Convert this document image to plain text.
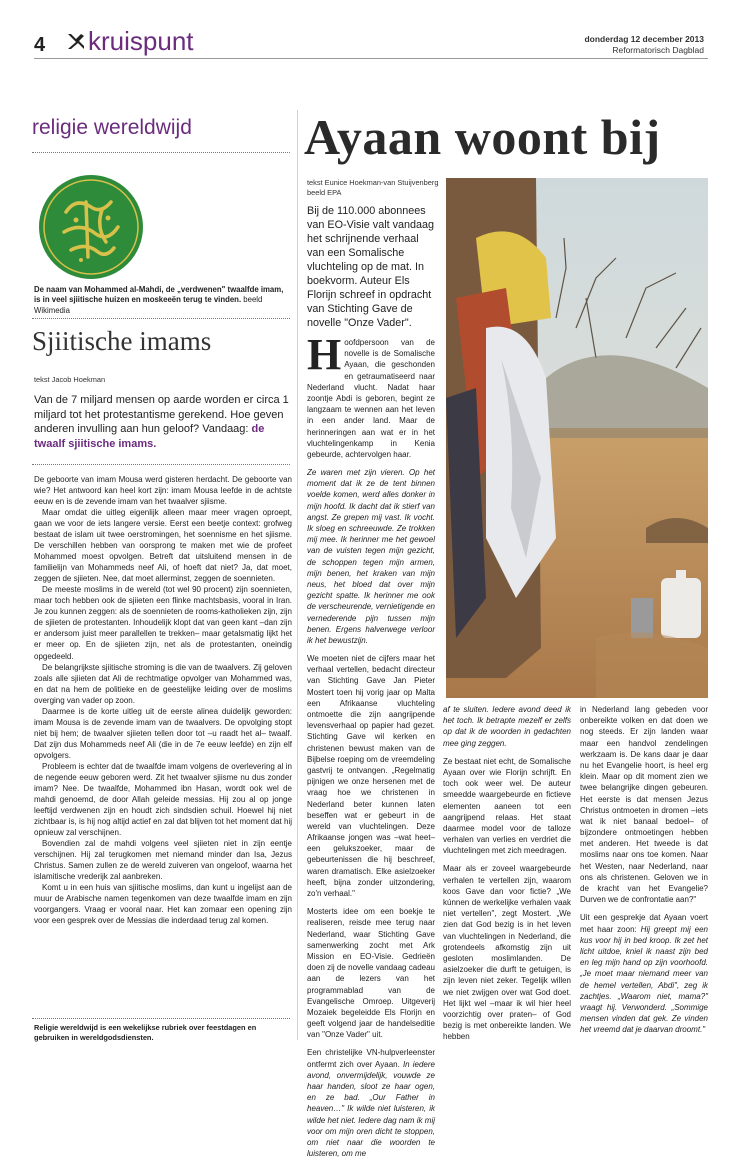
4 kruispunt	donderdag 12 december 2013
Reformatorisch Dagblad
religie wereldwijd
De naam van Mohammed al-Mahdi, de „verdwenen" twaalfde imam, is in veel sjiitische huizen en moskeeën terug te vinden. beeld Wikimedia
Sjiitische imams
tekst Jacob Hoekman
Van de 7 miljard mensen op aarde worden er circa 1 miljard tot het protestantisme gerekend. Hoe geven anderen invulling aan hun geloof? Vandaag: de twaalf sjiitische imams.

De geboorte van imam Mousa werd gisteren herdacht. De geboorte van wie? Het antwoord kan heel kort zijn: imam Mousa leefde in de achtste eeuw en is de zevende imam van het twaalver sjiisme.

Maar omdat die uitleg eigenlijk alleen maar meer vragen oproept, gaan we voor de iets langere versie. Eerst een beetje context: grofweg bestaat de islam uit twee oerstromingen, het soennisme en het sjiisme. De verschillen hebben van oorsprong te maken met wie de profeet Mohammed moest opvolgen. Betreft dat uitsluitend mensen in de familielijn van Mohammeds neef Ali, of hoeft dat niet? Ja, dat moet, zeggen de sjiieten. Nee, dat moet allerminst, zeggen de soennieten.

De meeste moslims in de wereld (tot wel 90 procent) zijn soennieten, maar toch hebben ook de sjiieten een flinke machtsbasis, vooral in Iran. Je zou kunnen zeggen: als de soennieten de rooms-katholieken zijn, zijn de sjiieten de protestanten. Inhoudelijk klopt dat van geen kant –dan zijn er andersom juist meer parallellen te trekken– maar getalsmatig lijkt het er meer op. En de sjiieten zijn, net als de protestanten, oneindig opgedeeld.

De belangrijkste sjiitische stroming is die van de twaalvers. Zij geloven zoals alle sjiieten dat Ali de rechtmatige opvolger van Mohammed was, en dat na hem de politieke en de geestelijke leiding over de moslims overging van vader op zoon.

Daarmee is de korte uitleg uit de eerste alinea duidelijk geworden: imam Mousa is de zevende imam van de twaalvers. De opvolging stopt niet bij hem; de twaalver sjiieten tellen door tot –u raadt het al– twaalf. Dat zijn dus Mohammeds neef Ali (die in de 7e eeuw leefde) en zijn elf opvolgers.

Probleem is echter dat de twaalfde imam volgens de overlevering al in de negende eeuw geboren werd. Zit het twaalver sjiisme nu dus zonder imam? Nee. De twaalfde, Mohammed ibn Hasan, wordt ook wel de mahdi genoemd, de door Allah geleide messias. Hij zou al op jonge leeftijd verdwenen zijn en houdt zich sindsdien schuil. Hoewel hij niet zichtbaar is, is hij nog altijd actief en zal dat blijven tot het moment dat hij opnieuw zal verschijnen.

Bovendien zal de mahdi volgens veel sjiieten niet in zijn eentje verschijnen. Hij zal terugkomen met niemand minder dan Isa, Jezus Christus. Samen zullen ze de wereld zuiveren van ongeloof, waarna het islamitische vrederijk zal aanbreken.

Komt u in een huis van sjiitische moslims, dan kunt u ingelijst aan de muur de Arabische namen tegenkomen van deze twaalfde imam en zijn voorgangers. Vraag er vooral naar. Het kan zomaar een opening zijn voor een gesprek over de Messias die inderdaad terug zal komen.

Religie wereldwijd is een wekelijkse rubriek over feestdagen en gebruiken in wereldgodsdiensten.
Ayaan woont bij
tekst Eunice Hoekman-van Stuijvenberg
beeld EPA
Bij de 110.000 abonnees van EO-Visie valt vandaag het schrijnende verhaal van een Somalische vluchteling op de mat. In boekvorm. Auteur Els Florijn schreef in opdracht van Stichting Gave de novelle "Onze Vader".

Hoofdpersoon van de novelle is de Somalische Ayaan, die geschonden en getraumatiseerd naar Nederland vlucht. Nadat haar zoontje Abdi is geboren, begint ze langzaam te wennen aan het leven in een ander land. Maar de herinneringen aan wat er in het vluchtelingenkamp in Kenia gebeurde, achtervolgen haar.

Ze waren met zijn vieren. Op het moment dat ik ze de tent binnen voelde komen, werd alles donker in mijn hoofd. Ik dacht dat ik stierf van angst. Ze grepen mij vast. Ik vocht. Ik sloeg en schreeuwde. Ze trokken mij mee. Ik herinner me het gewoel van de vuisten tegen mijn gezicht, de schoppen tegen mijn armen, mijn benen, het kraken van mijn neus, het bloed dat over mijn gezicht spatte. Ik herinner me ook de verscheurende, vernietigende en vernederende pijn tussen mijn benen. Ergens halverwege verloor ik het bewustzijn.

We moeten niet de cijfers maar het verhaal vertellen, bedacht directeur van Stichting Gave Jan Pieter Mostert toen hij vorig jaar op Malta een Afrikaanse vluchteling ontmoette die zijn aangrijpende levensverhaal op papier had gezet. Stichting Gave wil kerken en christenen bewust maken van de Bijbelse roeping om de vreemdeling gastvrij te ontvangen. „Regelmatig pijnigen we onze hersenen met de vraag hoe we christenen in Nederland beter kunnen laten beseffen wat er gebeurt in de wereld van vluchtelingen. Deze Afrikaanse jongen was –wat heet– een gelukszoeker, maar de gebeurtenissen die hij beschreef, waren dramatisch. Elke asielzoeker heeft, bijna zonder uitzondering, zo'n verhaal."

Mosterts idee om een boekje te realiseren, reisde mee terug naar Nederland, waar Stichting Gave samenwerking zocht met Ark Mission en EO-Visie. Gedrieën doen zij de novelle vandaag cadeau aan de lezers van het programmablad van de Evangelische Omroep. Uitgeverij Mozaiek begeleidde Els Florijn en geeft volgend jaar de handelseditie van "Onze Vader" uit.

Een christelijke VN-hulpverleenster ontfermt zich over Ayaan. In iedere avond, onvermijdelijk, vouwde ze haar handen, sloot ze haar ogen, en ze bad. „Our Father in heaven…" Ik wilde niet luisteren, ik wilde het niet. Iedere dag nam ik mij voor om mijn oren dicht te stoppen, om niet naar die woorden te luisteren, om me

af te sluiten. Iedere avond deed ik het toch. Ik betrapte mezelf er zelfs op dat ik de woorden in gedachten mee ging zeggen.

Ze bestaat niet echt, de Somalische Ayaan over wie Florijn schrijft. En toch ook weer wel. De auteur smeedde waargebeurde en fictieve elementen aaneen tot een aangrijpend relaas. Het staat daarmee model voor de talloze verhalen van verlies en verdriet die vluchtelingen met zich meedragen.

Maar als er zoveel waargebeurde verhalen te vertellen zijn, waarom koos Gave dan voor fictie? „We kúnnen de werkelijke verhalen vaak niet vertellen", zegt Mostert. „We zien dat God bezig is in het leven van vluchtelingen in Nederland, die grotendeels afkomstig zijn uit gesloten moslimlanden. De asielzoeker die durft te getuigen, is zijn leven niet zeker. Tegelijk willen we niet zwijgen over wat God doet. Het lijkt wel –maar ik wil hier heel voorzichtig over praten– of God bezig is met onbereikte landen. We hebben

in Nederland lang gebeden voor onbereikte volken en dat doen we nog steeds. Er zijn landen waar maar een handvol zendelingen werkzaam is. De kans daar je daar nu het Evangelie hoort, is heel erg klein. Maar op dit moment zien we twee belangrijke dingen gebeuren. Het eerste is dat mensen Jezus Christus ontmoeten in dromen –iets wat ik niet banaal bedoel– of bijzondere ontmoetingen hebben met anderen. Het tweede is dat moslims naar ons toe komen. Naar het Westen, naar Nederland, naar ons als christenen. Geloven we in de kracht van het Evangelie? Durven we de confrontatie aan?"

Uit een gesprekje dat Ayaan voert met haar zoon: Hij greept mij een kus voor hij in bed kroop. Ik zet het licht uitdoe, kniel ik naast zijn bed en leg mijn hand op zijn voorhoofd. „Je moet maar niemand meer van de hemel vertellen, Abdi", zeg ik zachtjes. „Waarom niet, mama?" vraagt hij. Verwonderd. „Sommige mensen vinden dat gek. Ze vinden het vreemd dat je daarvan droomt."
